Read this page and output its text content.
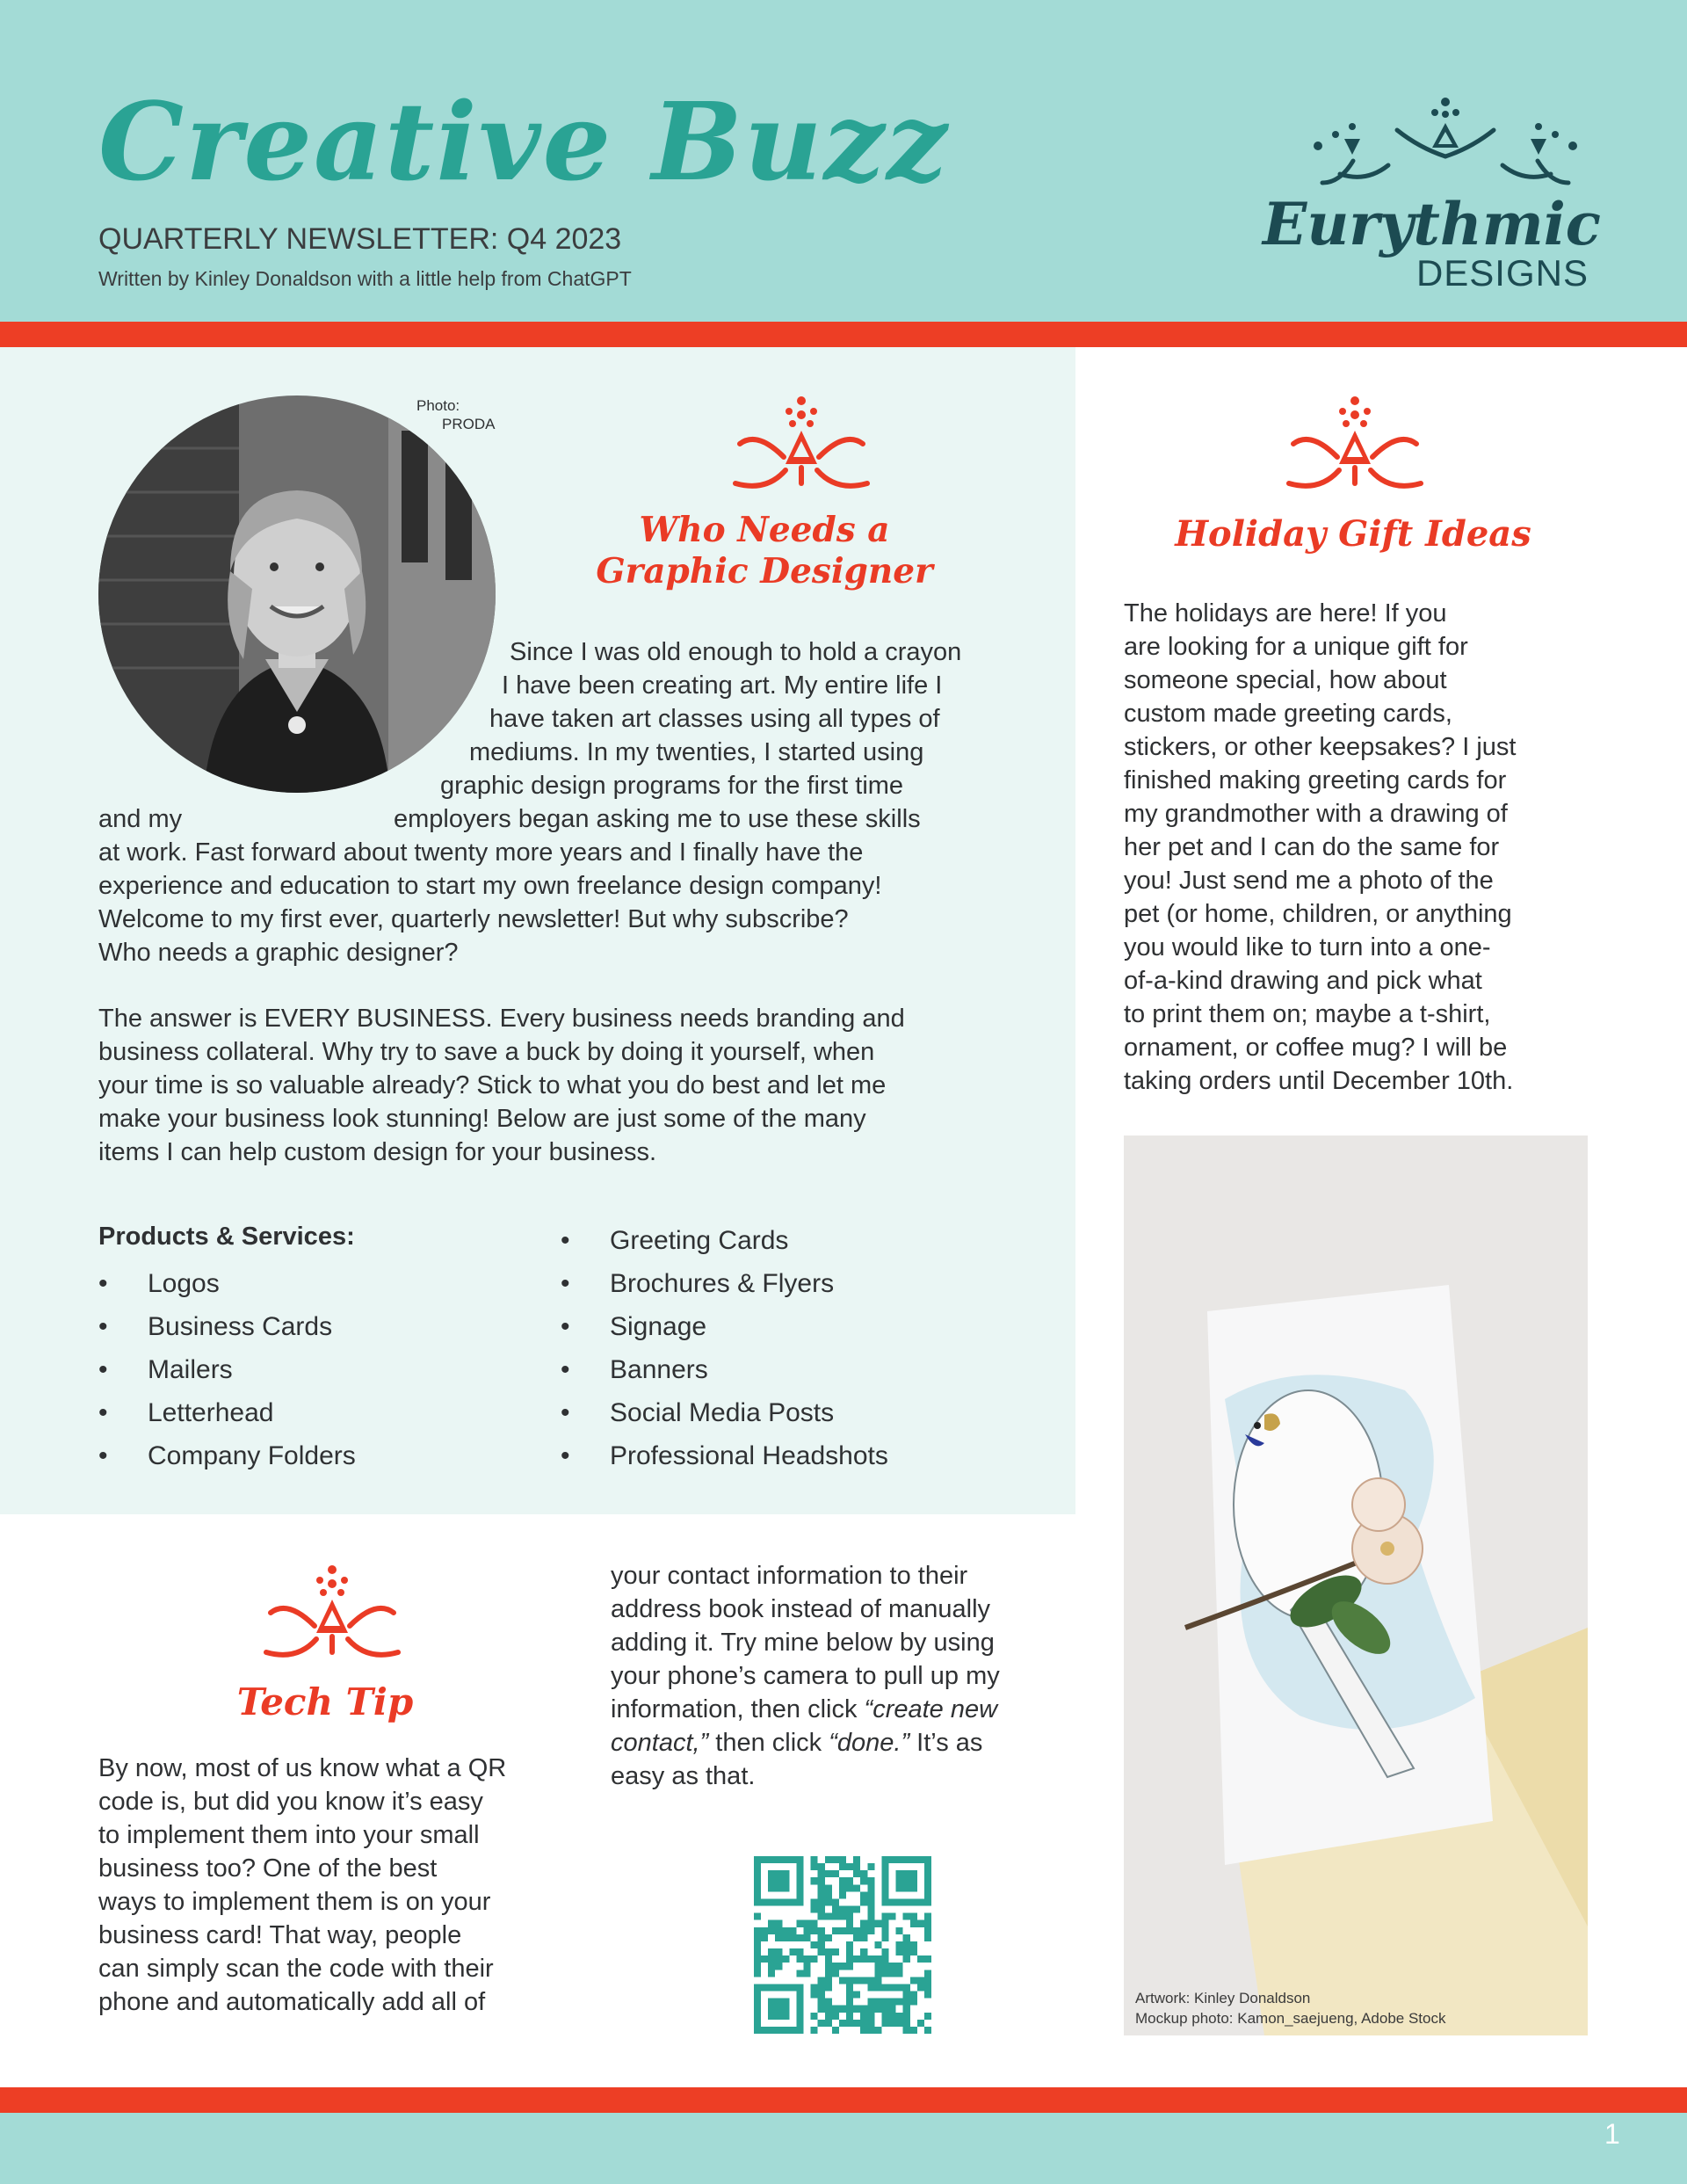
Creative Buzz
QUARTERLY NEWSLETTER: Q4 2023
Written by Kinley Donaldson with a little help from ChatGPT
Eurythmic
DESIGNS
Photo:
PRODA
Who Needs a
Graphic Designer
Since I was old enough to hold a crayon
I have been creating art. My entire life I
have taken art classes using all types of
mediums. In my twenties, I started using
graphic design programs for the first time
and my	employers began asking me to use these skills
at work. Fast forward about twenty more years and I finally have the
experience and education to start my own freelance design company!
Welcome to my first ever, quarterly newsletter! But why subscribe?
Who needs a graphic designer?
The answer is EVERY BUSINESS. Every business needs branding and
business collateral. Why try to save a buck by doing it yourself, when
your time is so valuable already? Stick to what you do best and let me
make your business look stunning! Below are just some of the many
items I can help custom design for your business.
Products & Services:
• Logos
• Business Cards
• Mailers
• Letterhead
• Company Folders
• Greeting Cards
• Brochures & Flyers
• Signage
• Banners
• Social Media Posts
• Professional Headshots
Holiday Gift Ideas
The holidays are here! If you
are looking for a unique gift for
someone special, how about
custom made greeting cards,
stickers, or other keepsakes? I just
finished making greeting cards for
my grandmother with a drawing of
her pet and I can do the same for
you! Just send me a photo of the
pet (or home, children, or anything
you would like to turn into a one-
of-a-kind drawing and pick what
to print them on; maybe a t-shirt,
ornament, or coffee mug? I will be
taking orders until December 10th.
Artwork: Kinley Donaldson
Mockup photo: Kamon_saejueng, Adobe Stock
Tech Tip
By now, most of us know what a QR
code is, but did you know it’s easy
to implement them into your small
business too? One of the best
ways to implement them is on your
business card! That way, people
can simply scan the code with their
phone and automatically add all of
your contact information to their
address book instead of manually
adding it. Try mine below by using
your phone’s camera to pull up my
information, then click “create new
contact,” then click “done.” It’s as
easy as that.
1
